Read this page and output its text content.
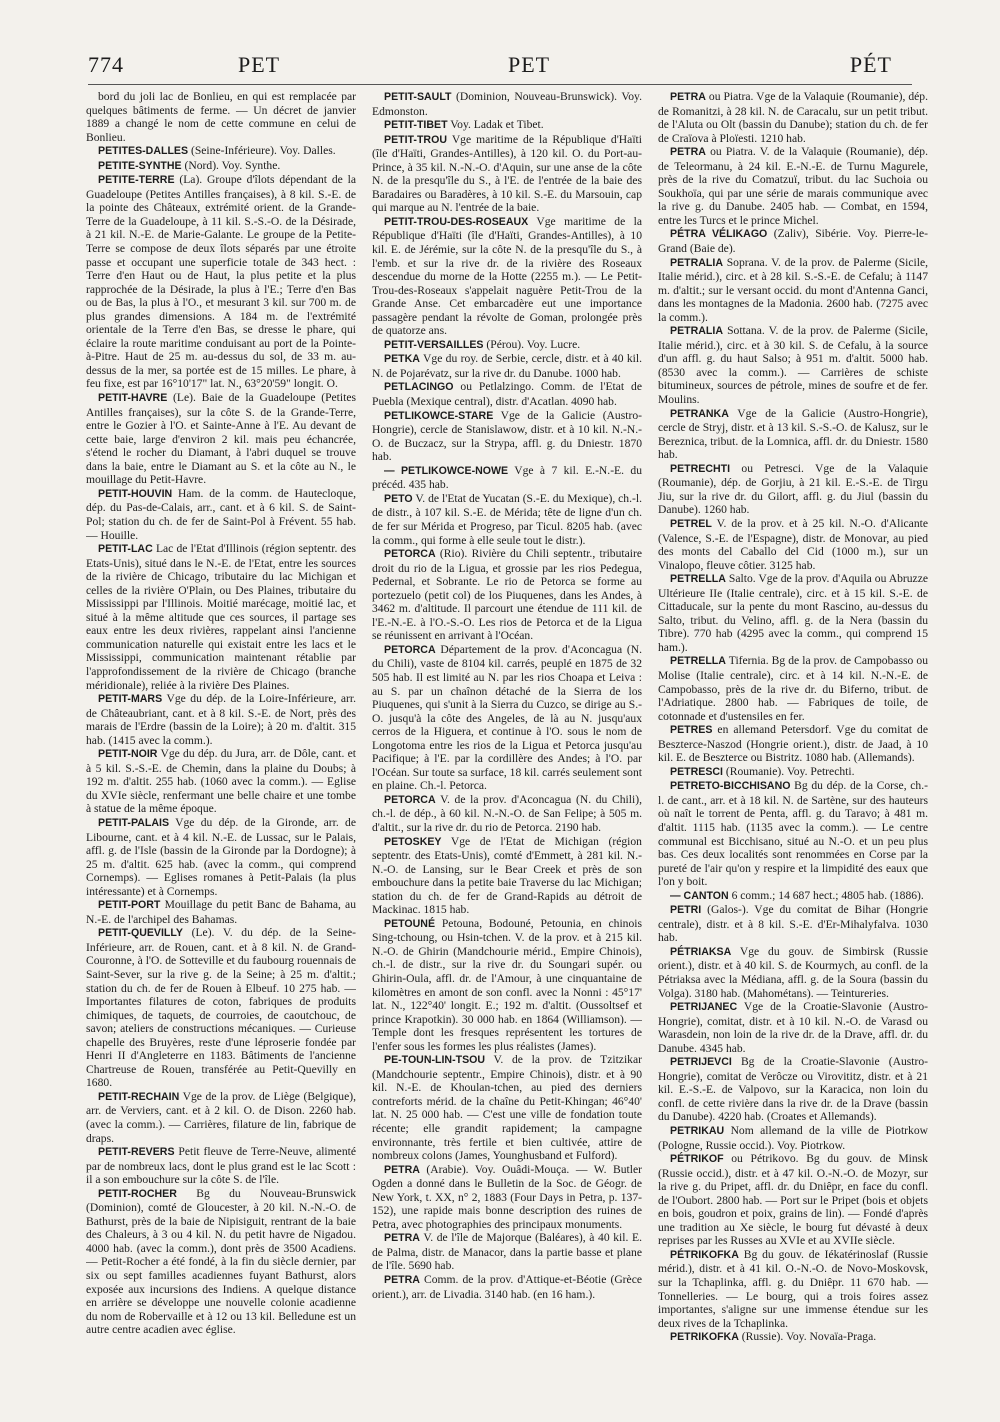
774	PET	PET	PÉT

bord du joli lac de Bonlieu, en qui est remplacée par quelques bâtiments de ferme. — Un décret de janvier 1889 a changé le nom de cette commune en celui de Bonlieu.

PETITES-DALLES (Seine-Inférieure). Voy. Dalles.

PETITE-SYNTHE (Nord). Voy. Synthe.

PETITE-TERRE (La). Groupe d'îlots dépendant de la Guadeloupe (Petites Antilles françaises), à 8 kil. S.-E. de la pointe des Châteaux, extrémité orient. de la Grande-Terre de la Guadeloupe, à 11 kil. S.-S.-O. de la Désirade, à 21 kil. N.-E. de Marie-Galante. Le groupe de la Petite-Terre se compose de deux îlots séparés par une étroite passe et occupant une superficie totale de 343 hect. : Terre d'en Haut ou de Haut, la plus petite et la plus rapprochée de la Désirade, la plus à l'E.; Terre d'en Bas ou de Bas, la plus à l'O., et mesurant 3 kil. sur 700 m. de plus grandes dimensions. A 184 m. de l'extrémité orientale de la Terre d'en Bas, se dresse le phare, qui éclaire la route maritime conduisant au port de la Pointe-à-Pitre. Haut de 25 m. au-dessus du sol, de 33 m. au-dessus de la mer, sa portée est de 15 milles. Le phare, à feu fixe, est par 16°10'17" lat. N., 63°20'59" longit. O.

PETIT-HAVRE (Le). Baie de la Guadeloupe (Petites Antilles françaises), sur la côte S. de la Grande-Terre, entre le Gozier à l'O. et Sainte-Anne à l'E. Au devant de cette baie, large d'environ 2 kil. mais peu échancrée, s'étend le rocher du Diamant, à l'abri duquel se trouve dans la baie, entre le Diamant au S. et la côte au N., le mouillage du Petit-Havre.

PETIT-HOUVIN Ham. de la comm. de Hautecloque, dép. du Pas-de-Calais, arr., cant. et à 6 kil. S. de Saint-Pol; station du ch. de fer de Saint-Pol à Frévent. 55 hab. — Houille.

PETIT-LAC Lac de l'Etat d'Illinois (région septentr. des Etats-Unis), situé dans le N.-E. de l'Etat, entre les sources de la rivière de Chicago, tributaire du lac Michigan et celles de la rivière O'Plain, ou Des Plaines, tributaire du Mississippi par l'Illinois. Moitié marécage, moitié lac, et situé à la même altitude que ces sources, il partage ses eaux entre les deux rivières, rappelant ainsi l'ancienne communication naturelle qui existait entre les lacs et le Mississippi, communication maintenant rétablie par l'approfondissement de la rivière de Chicago (branche méridionale), reliée à la rivière Des Plaines.

PETIT-MARS Vge du dép. de la Loire-Inférieure, arr. de Châteaubriant, cant. et à 8 kil. S.-E. de Nort, près des marais de l'Erdre (bassin de la Loire); à 20 m. d'altit. 315 hab. (1415 avec la comm.).

PETIT-NOIR Vge du dép. du Jura, arr. de Dôle, cant. et à 5 kil. S.-S.-E. de Chemin, dans la plaine du Doubs; à 192 m. d'altit. 255 hab. (1060 avec la comm.). — Eglise du XVIe siècle, renfermant une belle chaire et une tombe à statue de la même époque.

PETIT-PALAIS Vge du dép. de la Gironde, arr. de Libourne, cant. et à 4 kil. N.-E. de Lussac, sur le Palais, affl. g. de l'Isle (bassin de la Gironde par la Dordogne); à 25 m. d'altit. 625 hab. (avec la comm., qui comprend Cornemps). — Eglises romanes à Petit-Palais (la plus intéressante) et à Cornemps.

PETIT-PORT Mouillage du petit Banc de Bahama, au N.-E. de l'archipel des Bahamas.

PETIT-QUEVILLY (Le). V. du dép. de la Seine-Inférieure, arr. de Rouen, cant. et à 8 kil. N. de Grand-Couronne, à l'O. de Sotteville et du faubourg rouennais de Saint-Sever, sur la rive g. de la Seine; à 25 m. d'altit.; station du ch. de fer de Rouen à Elbeuf. 10 275 hab. — Importantes filatures de coton, fabriques de produits chimiques, de taquets, de courroies, de caoutchouc, de savon; ateliers de constructions mécaniques. — Curieuse chapelle des Bruyères, reste d'une léproserie fondée par Henri II d'Angleterre en 1183. Bâtiments de l'ancienne Chartreuse de Rouen, transférée au Petit-Quevilly en 1680.

PETIT-RECHAIN Vge de la prov. de Liège (Belgique), arr. de Verviers, cant. et à 2 kil. O. de Dison. 2260 hab. (avec la comm.). — Carrières, filature de lin, fabrique de draps.

PETIT-REVERS Petit fleuve de Terre-Neuve, alimenté par de nombreux lacs, dont le plus grand est le lac Scott : il a son embouchure sur la côte S. de l'île.

PETIT-ROCHER Bg du Nouveau-Brunswick (Dominion), comté de Gloucester, à 20 kil. N.-N.-O. de Bathurst, près de la baie de Nipisiguit, rentrant de la baie des Chaleurs, à 3 ou 4 kil. N. du petit havre de Nigadou. 4000 hab. (avec la comm.), dont près de 3500 Acadiens. — Petit-Rocher a été fondé, à la fin du siècle dernier, par six ou sept familles acadiennes fuyant Bathurst, alors exposée aux incursions des Indiens. A quelque distance en arrière se développe une nouvelle colonie acadienne du nom de Robervaille et à 12 ou 13 kil. Belledune est un autre centre acadien avec église.

PETIT-SAULT (Dominion, Nouveau-Brunswick). Voy. Edmonston.

PETIT-TIBET Voy. Ladak et Tibet.

PETIT-TROU Vge maritime de la République d'Haïti (île d'Haïti, Grandes-Antilles), à 120 kil. O. du Port-au-Prince, à 35 kil. N.-N.-O. d'Aquin, sur une anse de la côte N. de la presqu'île du S., à l'E. de l'entrée de la baie des Baradaires ou Baradères, à 10 kil. S.-E. du Marsouin, cap qui marque au N. l'entrée de la baie.

PETIT-TROU-DES-ROSEAUX Vge maritime de la République d'Haïti (île d'Haïti, Grandes-Antilles), à 10 kil. E. de Jérémie, sur la côte N. de la presqu'île du S., à l'emb. et sur la rive dr. de la rivière des Roseaux descendue du morne de la Hotte (2255 m.). — Le Petit-Trou-des-Roseaux s'appelait naguère Petit-Trou de la Grande Anse. Cet embarcadère eut une importance passagère pendant la révolte de Goman, prolongée près de quatorze ans.

PETIT-VERSAILLES (Pérou). Voy. Lucre.

PETKA Vge du roy. de Serbie, cercle, distr. et à 40 kil. N. de Pojarévatz, sur la rive dr. du Danube. 1000 hab.

PETLACINGO ou Petlalzingo. Comm. de l'Etat de Puebla (Mexique central), distr. d'Acatlan. 4090 hab.

PETLIKOWCE-STARE Vge de la Galicie (Austro-Hongrie), cercle de Stanislawow, distr. et à 10 kil. N.-N.-O. de Buczacz, sur la Strypa, affl. g. du Dniestr. 1870 hab.

— PETLIKOWCE-NOWE Vge à 7 kil. E.-N.-E. du précéd. 435 hab.

PETO V. de l'Etat de Yucatan (S.-E. du Mexique), ch.-l. de distr., à 107 kil. S.-E. de Mérida; tête de ligne d'un ch. de fer sur Mérida et Progreso, par Ticul. 8205 hab. (avec la comm., qui forme à elle seule tout le distr.).

PETORCA (Rio). Rivière du Chili septentr., tributaire droit du rio de la Ligua, et grossie par les rios Pedegua, Pedernal, et Sobrante. Le rio de Petorca se forme au portezuelo (petit col) de los Piuquenes, dans les Andes, à 3462 m. d'altitude. Il parcourt une étendue de 111 kil. de l'E.-N.-E. à l'O.-S.-O. Les rios de Petorca et de la Ligua se réunissent en arrivant à l'Océan.

PETORCA Département de la prov. d'Aconcagua (N. du Chili), vaste de 8104 kil. carrés, peuplé en 1875 de 32 505 hab. Il est limité au N. par les rios Choapa et Leiva : au S. par un chaînon détaché de la Sierra de los Piuquenes, qui s'unit à la Sierra du Cuzco, se dirige au S.-O. jusqu'à la côte des Angeles, de là au N. jusqu'aux cerros de la Higuera, et continue à l'O. sous le nom de Longotoma entre les rios de la Ligua et Petorca jusqu'au Pacifique; à l'E. par la cordillère des Andes; à l'O. par l'Océan. Sur toute sa surface, 18 kil. carrés seulement sont en plaine. Ch.-l. Petorca.

PETORCA V. de la prov. d'Aconcagua (N. du Chili), ch.-l. de dép., à 60 kil. N.-N.-O. de San Felipe; à 505 m. d'altit., sur la rive dr. du rio de Petorca. 2190 hab.

PETOSKEY Vge de l'Etat de Michigan (région septentr. des Etats-Unis), comté d'Emmett, à 281 kil. N.-N.-O. de Lansing, sur le Bear Creek et près de son embouchure dans la petite baie Traverse du lac Michigan; station du ch. de fer de Grand-Rapids au détroit de Mackinac. 1815 hab.

PETOUNÉ Petouna, Bodouné, Petounia, en chinois Sing-tchoung, ou Hsin-tchen. V. de la prov. et à 215 kil. N.-O. de Ghirin (Mandchourie mérid., Empire Chinois), ch.-l. de distr., sur la rive dr. du Soungari supér. ou Ghirin-Oula, affl. dr. de l'Amour, à une cinquantaine de kilomètres en amont de son confl. avec la Nonni : 45°17' lat. N., 122°40' longit. E.; 192 m. d'altit. (Oussoltsef et prince Krapotkin). 30 000 hab. en 1864 (Williamson). — Temple dont les fresques représentent les tortures de l'enfer sous les formes les plus réalistes (James).

PE-TOUN-LIN-TSOU V. de la prov. de Tzitzikar (Mandchourie septentr., Empire Chinois), distr. et à 90 kil. N.-E. de Khoulan-tchen, au pied des derniers contreforts mérid. de la chaîne du Petit-Khingan; 46°40' lat. N. 25 000 hab. — C'est une ville de fondation toute récente; elle grandit rapidement; la campagne environnante, très fertile et bien cultivée, attire de nombreux colons (James, Younghusband et Fulford).

PETRA (Arabie). Voy. Ouâdi-Mouça. — W. Butler Ogden a donné dans le Bulletin de la Soc. de Géogr. de New York, t. XX, n° 2, 1883 (Four Days in Petra, p. 137-152), une rapide mais bonne description des ruines de Petra, avec photographies des principaux monuments.

PETRA V. de l'île de Majorque (Baléares), à 40 kil. E. de Palma, distr. de Manacor, dans la partie basse et plane de l'île. 5690 hab.

PETRA Comm. de la prov. d'Attique-et-Béotie (Grèce orient.), arr. de Livadia. 3140 hab. (en 16 ham.).

PETRA ou Piatra. Vge de la Valaquie (Roumanie), dép. de Romanitzi, à 28 kil. N. de Caracalu, sur un petit tribut. de l'Aluta ou Olt (bassin du Danube); station du ch. de fer de Craïova à Ploïesti. 1210 hab.

PETRA ou Piatra. V. de la Valaquie (Roumanie), dép. de Teleormanu, à 24 kil. E.-N.-E. de Turnu Magurele, près de la rive du Comatzuï, tribut. du lac Suchoia ou Soukhoïa, qui par une série de marais communique avec la rive g. du Danube. 2405 hab. — Combat, en 1594, entre les Turcs et le prince Michel.

PÉTRA VÉLIKAGO (Zaliv), Sibérie. Voy. Pierre-le-Grand (Baie de).

PETRALIA Soprana. V. de la prov. de Palerme (Sicile, Italie mérid.), circ. et à 28 kil. S.-S.-E. de Cefalu; à 1147 m. d'altit.; sur le versant occid. du mont d'Antenna Ganci, dans les montagnes de la Madonia. 2600 hab. (7275 avec la comm.).

PETRALIA Sottana. V. de la prov. de Palerme (Sicile, Italie mérid.), circ. et à 30 kil. S. de Cefalu, à la source d'un affl. g. du haut Salso; à 951 m. d'altit. 5000 hab. (8530 avec la comm.). — Carrières de schiste bitumineux, sources de pétrole, mines de soufre et de fer. Moulins.

PETRANKA Vge de la Galicie (Austro-Hongrie), cercle de Stryj, distr. et à 13 kil. S.-S.-O. de Kalusz, sur le Bereznica, tribut. de la Lomnica, affl. dr. du Dniestr. 1580 hab.

PETRECHTI ou Petresci. Vge de la Valaquie (Roumanie), dép. de Gorjiu, à 21 kil. E.-S.-E. de Tirgu Jiu, sur la rive dr. du Gilort, affl. g. du Jiul (bassin du Danube). 1260 hab.

PETREL V. de la prov. et à 25 kil. N.-O. d'Alicante (Valence, S.-E. de l'Espagne), distr. de Monovar, au pied des monts del Caballo del Cid (1000 m.), sur un Vinalopo, fleuve côtier. 3125 hab.

PETRELLA Salto. Vge de la prov. d'Aquila ou Abruzze Ultérieure IIe (Italie centrale), circ. et à 15 kil. S.-E. de Cittaducale, sur la pente du mont Rascino, au-dessus du Salto, tribut. du Velino, affl. g. de la Nera (bassin du Tibre). 770 hab (4295 avec la comm., qui comprend 15 ham.).

PETRELLA Tifernia. Bg de la prov. de Campobasso ou Molise (Italie centrale), circ. et à 14 kil. N.-N.-E. de Campobasso, près de la rive dr. du Biferno, tribut. de l'Adriatique. 2800 hab. — Fabriques de toile, de cotonnade et d'ustensiles en fer.

PETRES en allemand Petersdorf. Vge du comitat de Beszterce-Naszod (Hongrie orient.), distr. de Jaad, à 10 kil. E. de Beszterce ou Bistritz. 1080 hab. (Allemands).

PETRESCI (Roumanie). Voy. Petrechti.

PETRETO-BICCHISANO Bg du dép. de la Corse, ch.-l. de cant., arr. et à 18 kil. N. de Sartène, sur des hauteurs où naît le torrent de Penta, affl. g. du Taravo; à 481 m. d'altit. 1115 hab. (1135 avec la comm.). — Le centre communal est Bicchisano, situé au N.-O. et un peu plus bas. Ces deux localités sont renommées en Corse par la pureté de l'air qu'on y respire et la limpidité des eaux que l'on y boit.

— CANTON 6 comm.; 14 687 hect.; 4805 hab. (1886).

PETRI (Galos-). Vge du comitat de Bihar (Hongrie centrale), distr. et à 8 kil. S.-E. d'Er-Mihalyfalva. 1030 hab.

PÉTRIAKSA Vge du gouv. de Simbirsk (Russie orient.), distr. et à 40 kil. S. de Kourmych, au confl. de la Pétriaksa avec la Médiana, affl. g. de la Soura (bassin du Volga). 3180 hab. (Mahométans). — Teintureries.

PETRIJANEC Vge de la Croatie-Slavonie (Austro-Hongrie), comitat, distr. et à 10 kil. N.-O. de Varasd ou Warasdein, non loin de la rive dr. de la Drave, affl. dr. du Danube. 4345 hab.

PETRIJEVCI Bg de la Croatie-Slavonie (Austro-Hongrie), comitat de Verôcze ou Virovititz, distr. et à 21 kil. E.-S.-E. de Valpovo, sur la Karacica, non loin du confl. de cette rivière dans la rive dr. de la Drave (bassin du Danube). 4220 hab. (Croates et Allemands).

PETRIKAU Nom allemand de la ville de Piotrkow (Pologne, Russie occid.). Voy. Piotrkow.

PÉTRIKOF ou Pétrikovo. Bg du gouv. de Minsk (Russie occid.), distr. et à 47 kil. O.-N.-O. de Mozyr, sur la rive g. du Pripet, affl. dr. du Dniêpr, en face du confl. de l'Oubort. 2800 hab. — Port sur le Pripet (bois et objets en bois, goudron et poix, grains de lin). — Fondé d'après une tradition au Xe siècle, le bourg fut dévasté à deux reprises par les Russes au XVIe et au XVIIe siècle.

PÉTRIKOFKA Bg du gouv. de Iékatérinoslaf (Russie mérid.), distr. et à 41 kil. O.-N.-O. de Novo-Moskovsk, sur la Tchaplinka, affl. g. du Dniêpr. 11 670 hab. — Tonnelleries. — Le bourg, qui a trois foires assez importantes, s'aligne sur une immense étendue sur les deux rives de la Tchaplinka.

PETRIKOFKA (Russie). Voy. Novaïa-Praga.
